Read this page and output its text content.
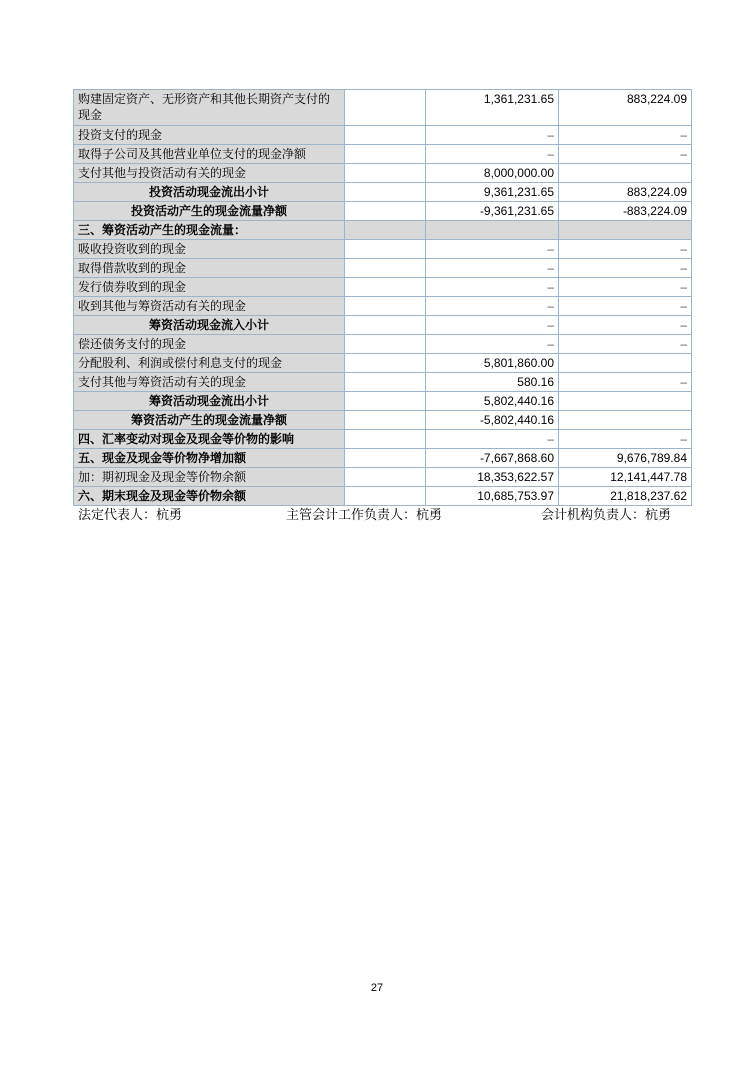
购建固定资产、无形资产和其他长期资产支付的现金		1,361,231.65	883,224.09
投资支付的现金		–	–
取得子公司及其他营业单位支付的现金净额		–	–
支付其他与投资活动有关的现金		8,000,000.00	
投资活动现金流出小计		9,361,231.65	883,224.09
投资活动产生的现金流量净额		-9,361,231.65	-883,224.09
三、筹资活动产生的现金流量：			
吸收投资收到的现金		–	–
取得借款收到的现金		–	–
发行债券收到的现金		–	–
收到其他与筹资活动有关的现金		–	–
筹资活动现金流入小计		–	–
偿还债务支付的现金		–	–
分配股利、利润或偿付利息支付的现金		5,801,860.00	
支付其他与筹资活动有关的现金		580.16	–
筹资活动现金流出小计		5,802,440.16	
筹资活动产生的现金流量净额		-5,802,440.16	
四、汇率变动对现金及现金等价物的影响		–	–
五、现金及现金等价物净增加额		-7,667,868.60	9,676,789.84
加：期初现金及现金等价物余额		18,353,622.57	12,141,447.78
六、期末现金及现金等价物余额		10,685,753.97	21,818,237.62
法定代表人：杭勇	主管会计工作负责人：杭勇	会计机构负责人：杭勇
27
